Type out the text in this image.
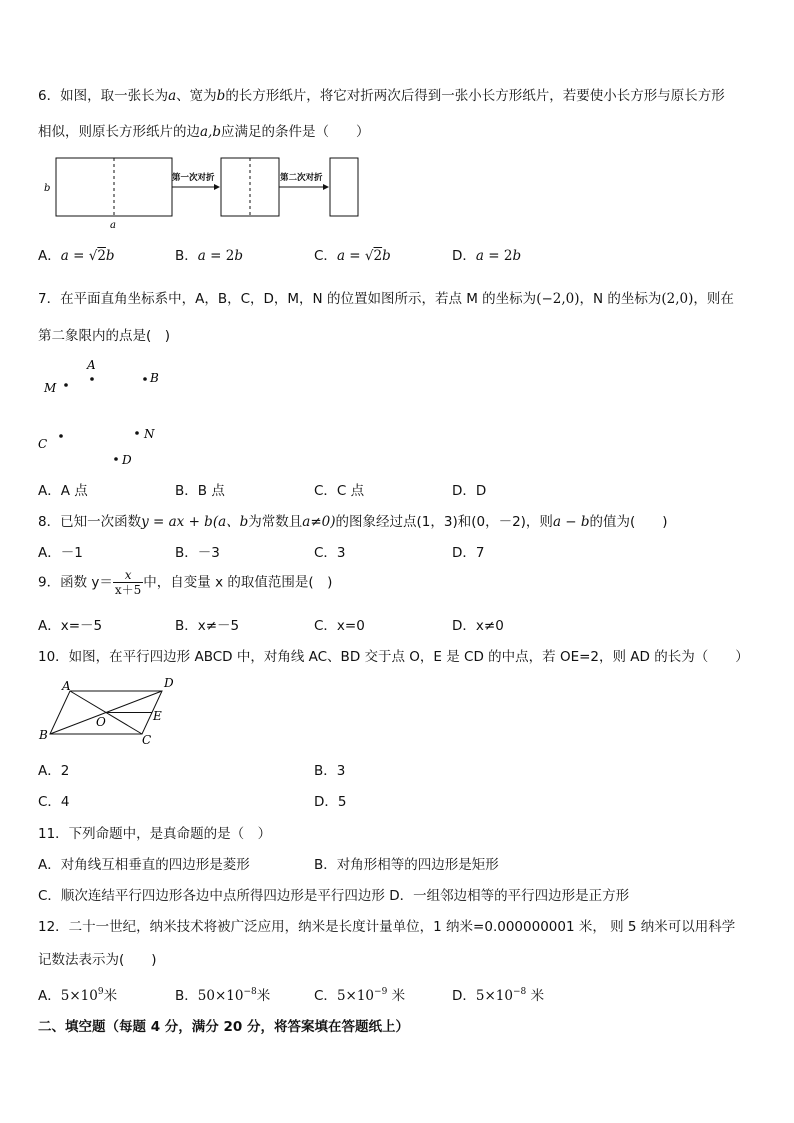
6．如图，取一张长为a、宽为b的长方形纸片，将它对折两次后得到一张小长方形纸片，若要使小长方形与原长方形
相似，则原长方形纸片的边a,b应满足的条件是（　　）
b
a
第一次对折	第二次对折
A．a = √2b	B．a = 2b	C．a = √2b	D．a = 2b
7．在平面直角坐标系中，A，B，C，D，M，N 的位置如图所示，若点 M 的坐标为(−2,0)，N 的坐标为(2,0)，则在
第二象限内的点是(　)
A
B
M
C
N
D
A．A 点	B．B 点	C．C 点	D．D
8．已知一次函数y = ax + b(a、b为常数且a≠0)的图象经过点(1，3)和(0，－2)，则a − b的值为(　　)
A．－1	B．－3	C．3	D．7
9．函数 $y= \frac{x}{x+5}$ 中，自变量 x 的取值范围是(　)
A．x=－5	B．x≠－5	C．x=0	D．x≠0
10．如图，在平行四边形 ABCD 中，对角线 AC、BD 交于点 O，E 是 CD 的中点，若 OE=2，则 AD 的长为（　　）
A	D
O	E
B	C
A．2	B．3
C．4	D．5
11．下列命题中，是真命题的是（　）
A．对角线互相垂直的四边形是菱形	B．对角形相等的四边形是矩形
C．顺次连结平行四边形各边中点所得四边形是平行四边形 D．一组邻边相等的平行四边形是正方形
12．二十一世纪，纳米技术将被广泛应用，纳米是长度计量单位，1 纳米=0.000000001 米， 则 5 纳米可以用科学
记数法表示为(　　)
A．$5\times 10^9$米	B．$50\times 10^{-8}$米	C．$5\times 10^{-9}$ 米	D．$5\times 10^{-8}$ 米
二、填空题（每题 4 分，满分 20 分，将答案填在答题纸上）
